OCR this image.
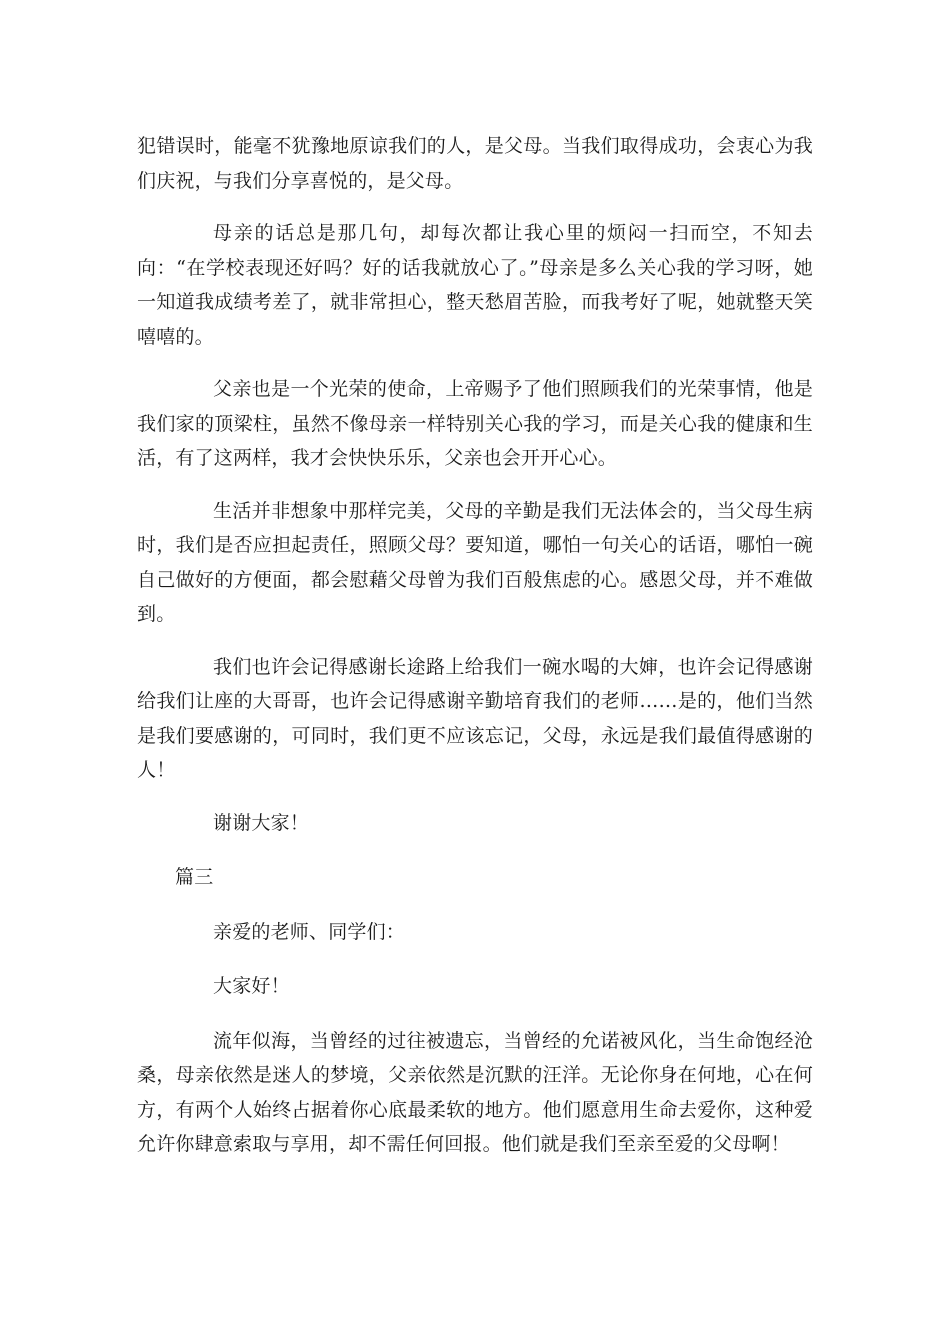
犯错误时，能毫不犹豫地原谅我们的人，是父母。当我们取得成功，会衷心为我们庆祝，与我们分享喜悦的，是父母。

母亲的话总是那几句，却每次都让我心里的烦闷一扫而空，不知去向：“在学校表现还好吗？好的话我就放心了。”母亲是多么关心我的学习呀，她一知道我成绩考差了，就非常担心，整天愁眉苦脸，而我考好了呢，她就整天笑嘻嘻的。

父亲也是一个光荣的使命，上帝赐予了他们照顾我们的光荣事情，他是我们家的顶梁柱，虽然不像母亲一样特别关心我的学习，而是关心我的健康和生活，有了这两样，我才会快快乐乐，父亲也会开开心心。

生活并非想象中那样完美，父母的辛勤是我们无法体会的，当父母生病时，我们是否应担起责任，照顾父母？要知道，哪怕一句关心的话语，哪怕一碗自己做好的方便面，都会慰藉父母曾为我们百般焦虑的心。感恩父母，并不难做到。

我们也许会记得感谢长途路上给我们一碗水喝的大婶，也许会记得感谢给我们让座的大哥哥，也许会记得感谢辛勤培育我们的老师……是的，他们当然是我们要感谢的，可同时，我们更不应该忘记，父母，永远是我们最值得感谢的人！

谢谢大家！

篇三

亲爱的老师、同学们：

大家好！

流年似海，当曾经的过往被遗忘，当曾经的允诺被风化，当生命饱经沧桑，母亲依然是迷人的梦境，父亲依然是沉默的汪洋。无论你身在何地，心在何方，有两个人始终占据着你心底最柔软的地方。他们愿意用生命去爱你，这种爱允许你肆意索取与享用，却不需任何回报。他们就是我们至亲至爱的父母啊！
